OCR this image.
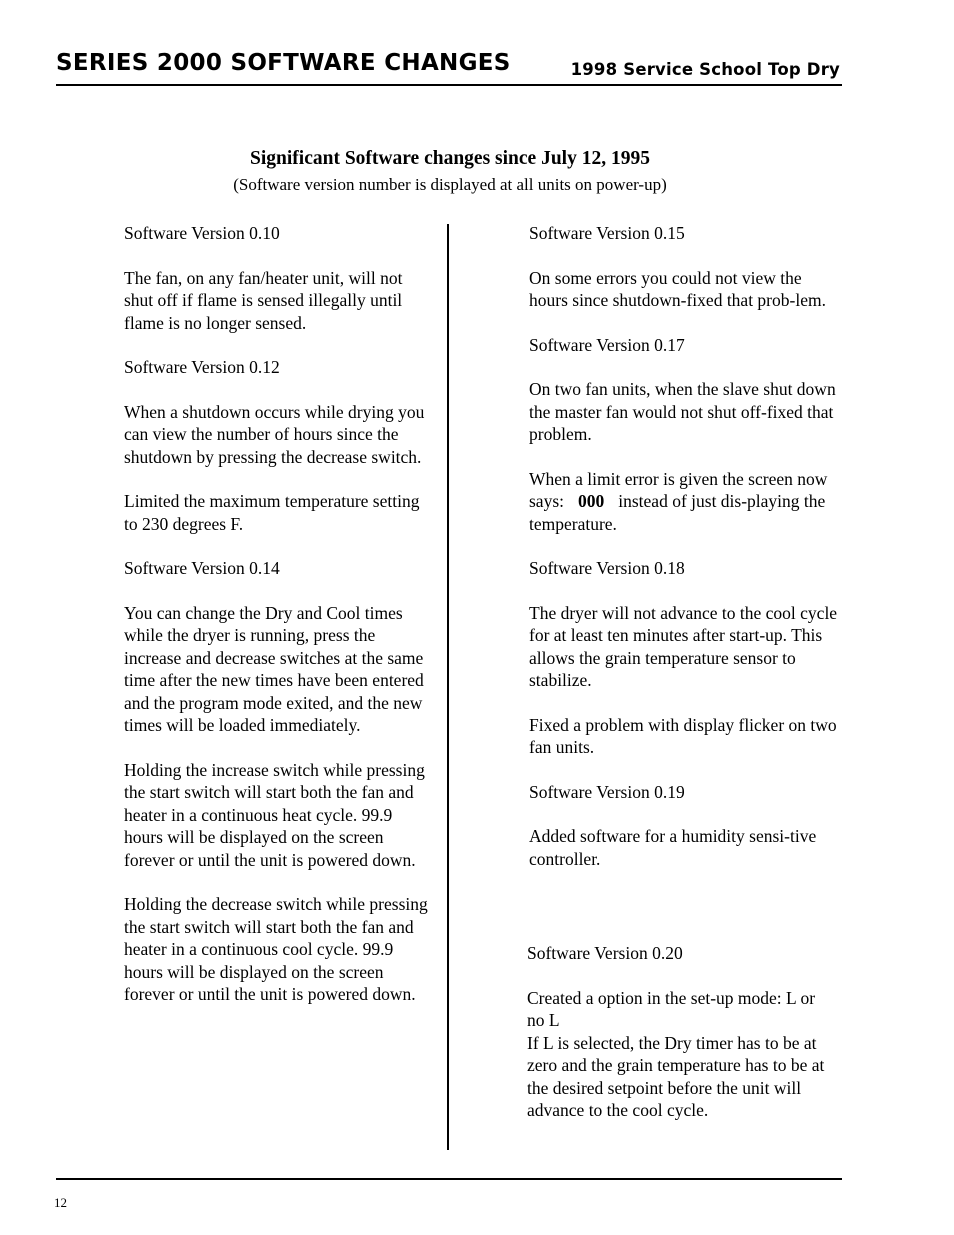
SERIES 2000 SOFTWARE CHANGES	1998 Service School Top Dry
Significant Software changes since July 12, 1995
(Software version number is displayed at all units on power-up)

Software Version 0.10

The fan, on any fan/heater unit, will not shut off if flame is sensed illegally until flame is no longer sensed.

Software Version 0.12

When a shutdown occurs while drying you can view the number of hours since the shutdown by pressing the decrease switch.

Limited the maximum temperature setting to 230 degrees F.

Software Version 0.14

You can change the Dry and Cool times while the dryer is running, press the increase and decrease switches at the same time after the new times have been entered and the program mode exited, and the new times will be loaded immediately.

Holding the increase switch while pressing the start switch will start both the fan and heater in a continuous heat cycle. 99.9 hours will be displayed on the screen forever or until the unit is powered down.

Holding the decrease switch while pressing the start switch will start both the fan and heater in a continuous cool cycle. 99.9 hours will be displayed on the screen forever or until the unit is powered down.

Software Version 0.15

On some errors you could not view the hours since shutdown-fixed that prob-lem.

Software Version 0.17

On two fan units, when the slave shut down the master fan would not shut off-fixed that problem.

When a limit error is given the screen now says: 000 instead of just dis-playing the temperature.

Software Version 0.18

The dryer will not advance to the cool cycle for at least ten minutes after start-up. This allows the grain temperature sensor to stabilize.

Fixed a problem with display flicker on two fan units.

Software Version 0.19

Added software for a humidity sensi-tive controller.

Software Version 0.20

Created a option in the set-up mode: L or no L

If L is selected, the Dry timer has to be at zero and the grain temperature has to be at the desired setpoint before the unit will advance to the cool cycle.

12
